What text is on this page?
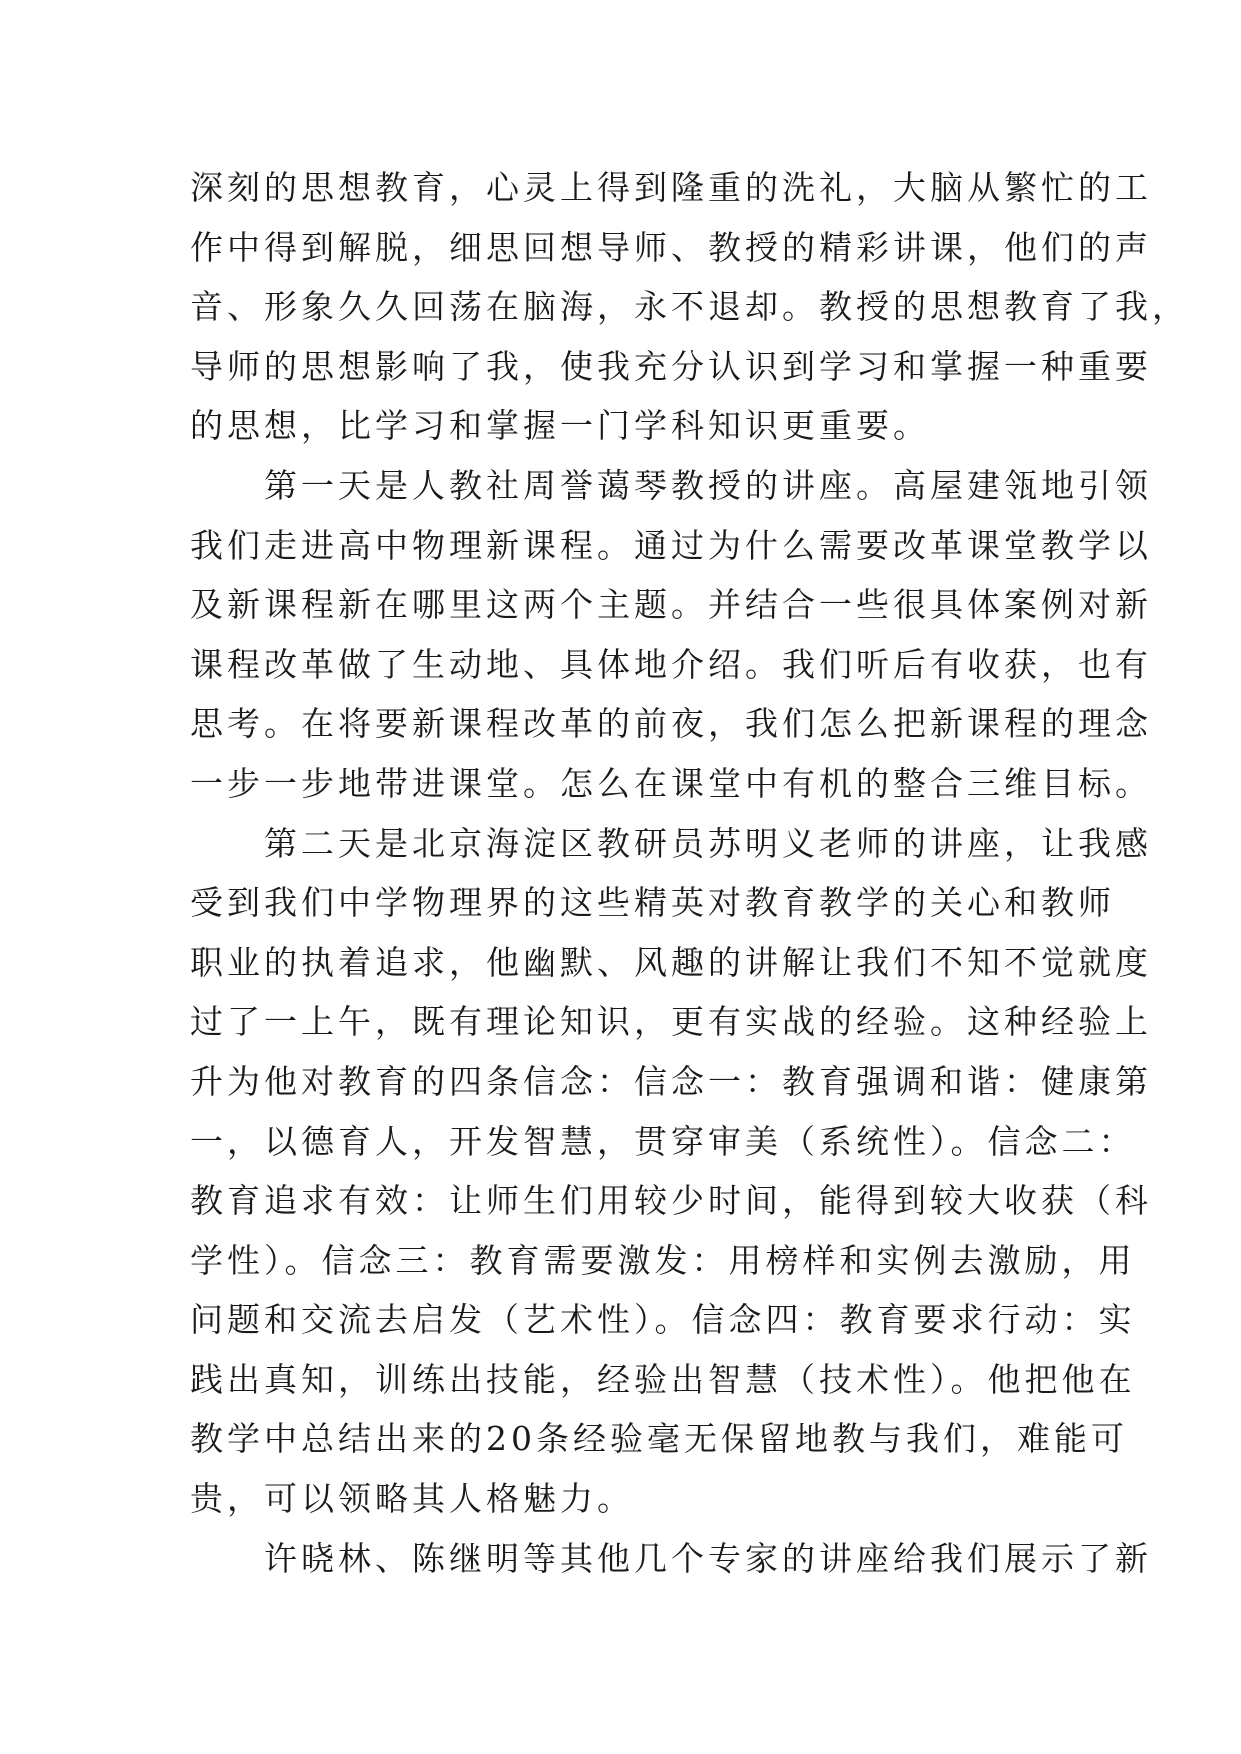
深刻的思想教育，心灵上得到隆重的洗礼，大脑从繁忙的工
作中得到解脱，细思回想导师、教授的精彩讲课，他们的声
音、形象久久回荡在脑海，永不退却。教授的思想教育了我，
导师的思想影响了我，使我充分认识到学习和掌握一种重要
的思想，比学习和掌握一门学科知识更重要。
第一天是人教社周誉蔼琴教授的讲座。高屋建瓴地引领
我们走进高中物理新课程。通过为什么需要改革课堂教学以
及新课程新在哪里这两个主题。并结合一些很具体案例对新
课程改革做了生动地、具体地介绍。我们听后有收获，也有
思考。在将要新课程改革的前夜，我们怎么把新课程的理念
一步一步地带进课堂。怎么在课堂中有机的整合三维目标。
第二天是北京海淀区教研员苏明义老师的讲座，让我感
受到我们中学物理界的这些精英对教育教学的关心和教师
职业的执着追求，他幽默、风趣的讲解让我们不知不觉就度
过了一上午，既有理论知识，更有实战的经验。这种经验上
升为他对教育的四条信念：信念一：教育强调和谐：健康第
一，以德育人，开发智慧，贯穿审美（系统性）。信念二：
教育追求有效：让师生们用较少时间，能得到较大收获（科
学性）。信念三：教育需要激发：用榜样和实例去激励，用
问题和交流去启发（艺术性）。信念四：教育要求行动：实
践出真知，训练出技能，经验出智慧（技术性）。他把他在
教学中总结出来的20条经验毫无保留地教与我们，难能可
贵，可以领略其人格魅力。
许晓林、陈继明等其他几个专家的讲座给我们展示了新
